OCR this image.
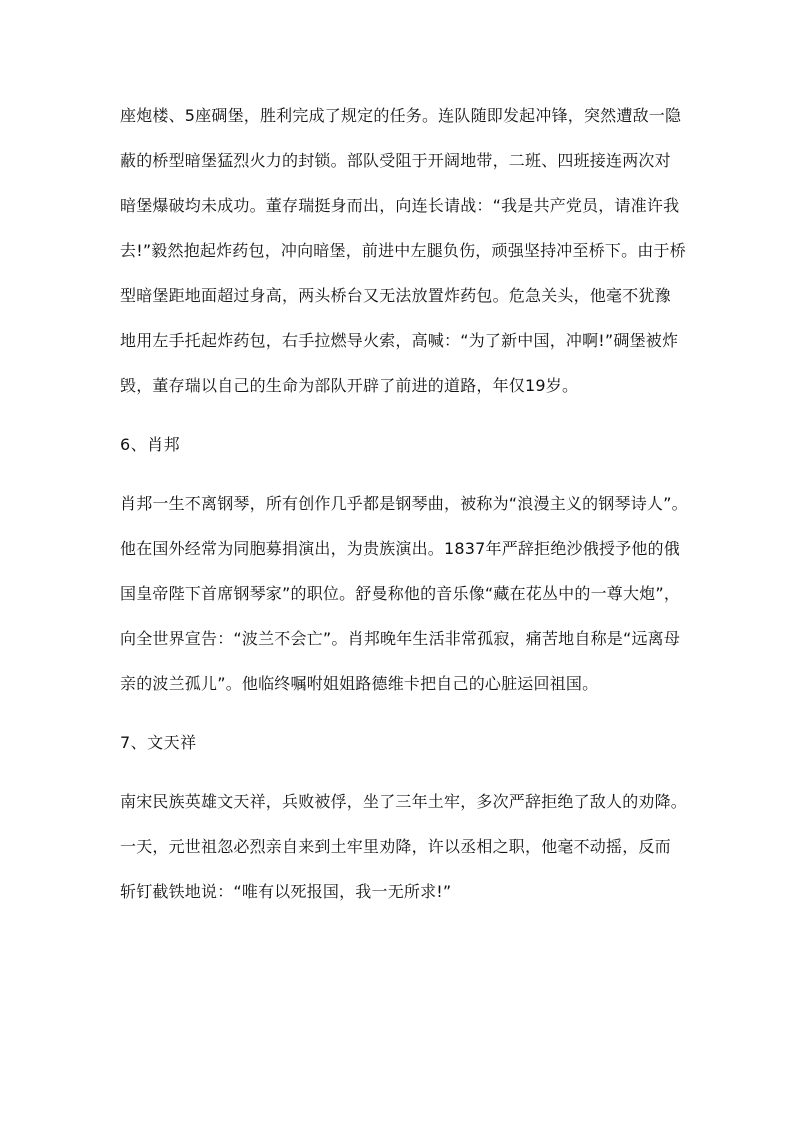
座炮楼、5座碉堡，胜利完成了规定的任务。连队随即发起冲锋，突然遭敌一隐
蔽的桥型暗堡猛烈火力的封锁。部队受阻于开阔地带，二班、四班接连两次对
暗堡爆破均未成功。董存瑞挺身而出，向连长请战：“我是共产党员，请准许我
去!”毅然抱起炸药包，冲向暗堡，前进中左腿负伤，顽强坚持冲至桥下。由于桥
型暗堡距地面超过身高，两头桥台又无法放置炸药包。危急关头，他毫不犹豫
地用左手托起炸药包，右手拉燃导火索，高喊：“为了新中国，冲啊!”碉堡被炸
毁，董存瑞以自己的生命为部队开辟了前进的道路，年仅19岁。
6、肖邦
肖邦一生不离钢琴，所有创作几乎都是钢琴曲，被称为“浪漫主义的钢琴诗人”。
他在国外经常为同胞募捐演出，为贵族演出。1837年严辞拒绝沙俄授予他的俄
国皇帝陛下首席钢琴家”的职位。舒曼称他的音乐像“藏在花丛中的一尊大炮”，
向全世界宣告：“波兰不会亡”。肖邦晚年生活非常孤寂，痛苦地自称是“远离母
亲的波兰孤儿”。他临终嘱咐姐姐路德维卡把自己的心脏运回祖国。
7、文天祥
南宋民族英雄文天祥，兵败被俘，坐了三年土牢，多次严辞拒绝了敌人的劝降。
一天，元世祖忽必烈亲自来到土牢里劝降，许以丞相之职，他毫不动摇，反而
斩钉截铁地说：“唯有以死报国，我一无所求!”
